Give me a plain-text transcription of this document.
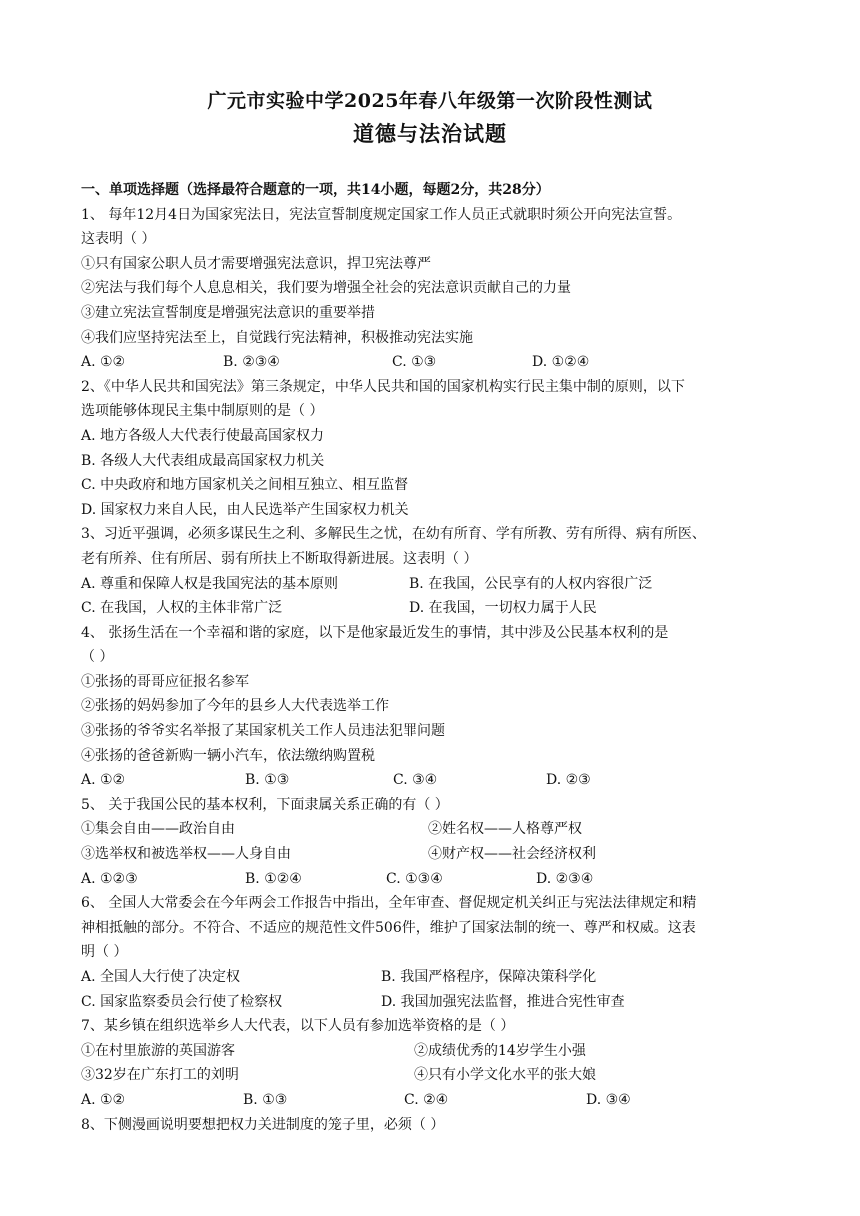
广元市实验中学2025年春八年级第一次阶段性测试
道德与法治试题
一、单项选择题（选择最符合题意的一项，共14小题，每题2分，共28分）
1、 每年12月4日为国家宪法日，宪法宣誓制度规定国家工作人员正式就职时须公开向宪法宣誓。
这表明（ ）
①只有国家公职人员才需要增强宪法意识，捍卫宪法尊严
②宪法与我们每个人息息相关，我们要为增强全社会的宪法意识贡献自己的力量
③建立宪法宣誓制度是增强宪法意识的重要举措
④我们应坚持宪法至上，自觉践行宪法精神，积极推动宪法实施
A. ①②	B. ②③④	C. ①③	D. ①②④
2、《中华人民共和国宪法》第三条规定，中华人民共和国的国家机构实行民主集中制的原则，以下
选项能够体现民主集中制原则的是（ ）
A. 地方各级人大代表行使最高国家权力
B. 各级人大代表组成最高国家权力机关
C. 中央政府和地方国家机关之间相互独立、相互监督
D. 国家权力来自人民，由人民选举产生国家权力机关
3、习近平强调，必须多谋民生之利、多解民生之忧，在幼有所育、学有所教、劳有所得、病有所医、
老有所养、住有所居、弱有所扶上不断取得新进展。这表明（ ）
A. 尊重和保障人权是我国宪法的基本原则	B. 在我国，公民享有的人权内容很广泛
C. 在我国，人权的主体非常广泛	D. 在我国，一切权力属于人民
4、 张扬生活在一个幸福和谐的家庭，以下是他家最近发生的事情，其中涉及公民基本权利的是
（ ）
①张扬的哥哥应征报名参军
②张扬的妈妈参加了今年的县乡人大代表选举工作
③张扬的爷爷实名举报了某国家机关工作人员违法犯罪问题
④张扬的爸爸新购一辆小汽车，依法缴纳购置税
A. ①②	B. ①③	C. ③④	D. ②③
5、 关于我国公民的基本权利，下面隶属关系正确的有（ ）
①集会自由——政治自由	②姓名权——人格尊严权
③选举权和被选举权——人身自由	④财产权——社会经济权利
A. ①②③	B. ①②④	C. ①③④	D. ②③④
6、 全国人大常委会在今年两会工作报告中指出，全年审查、督促规定机关纠正与宪法法律规定和精
神相抵触的部分。不符合、不适应的规范性文件506件，维护了国家法制的统一、尊严和权威。这表
明（ ）
A. 全国人大行使了决定权	B. 我国严格程序，保障决策科学化
C. 国家监察委员会行使了检察权	D. 我国加强宪法监督，推进合宪性审查
7、某乡镇在组织选举乡人大代表，以下人员有参加选举资格的是（ ）
①在村里旅游的英国游客	②成绩优秀的14岁学生小强
③32岁在广东打工的刘明	④只有小学文化水平的张大娘
A. ①②	B. ①③	C. ②④	D. ③④
8、下侧漫画说明要想把权力关进制度的笼子里，必须（ ）
